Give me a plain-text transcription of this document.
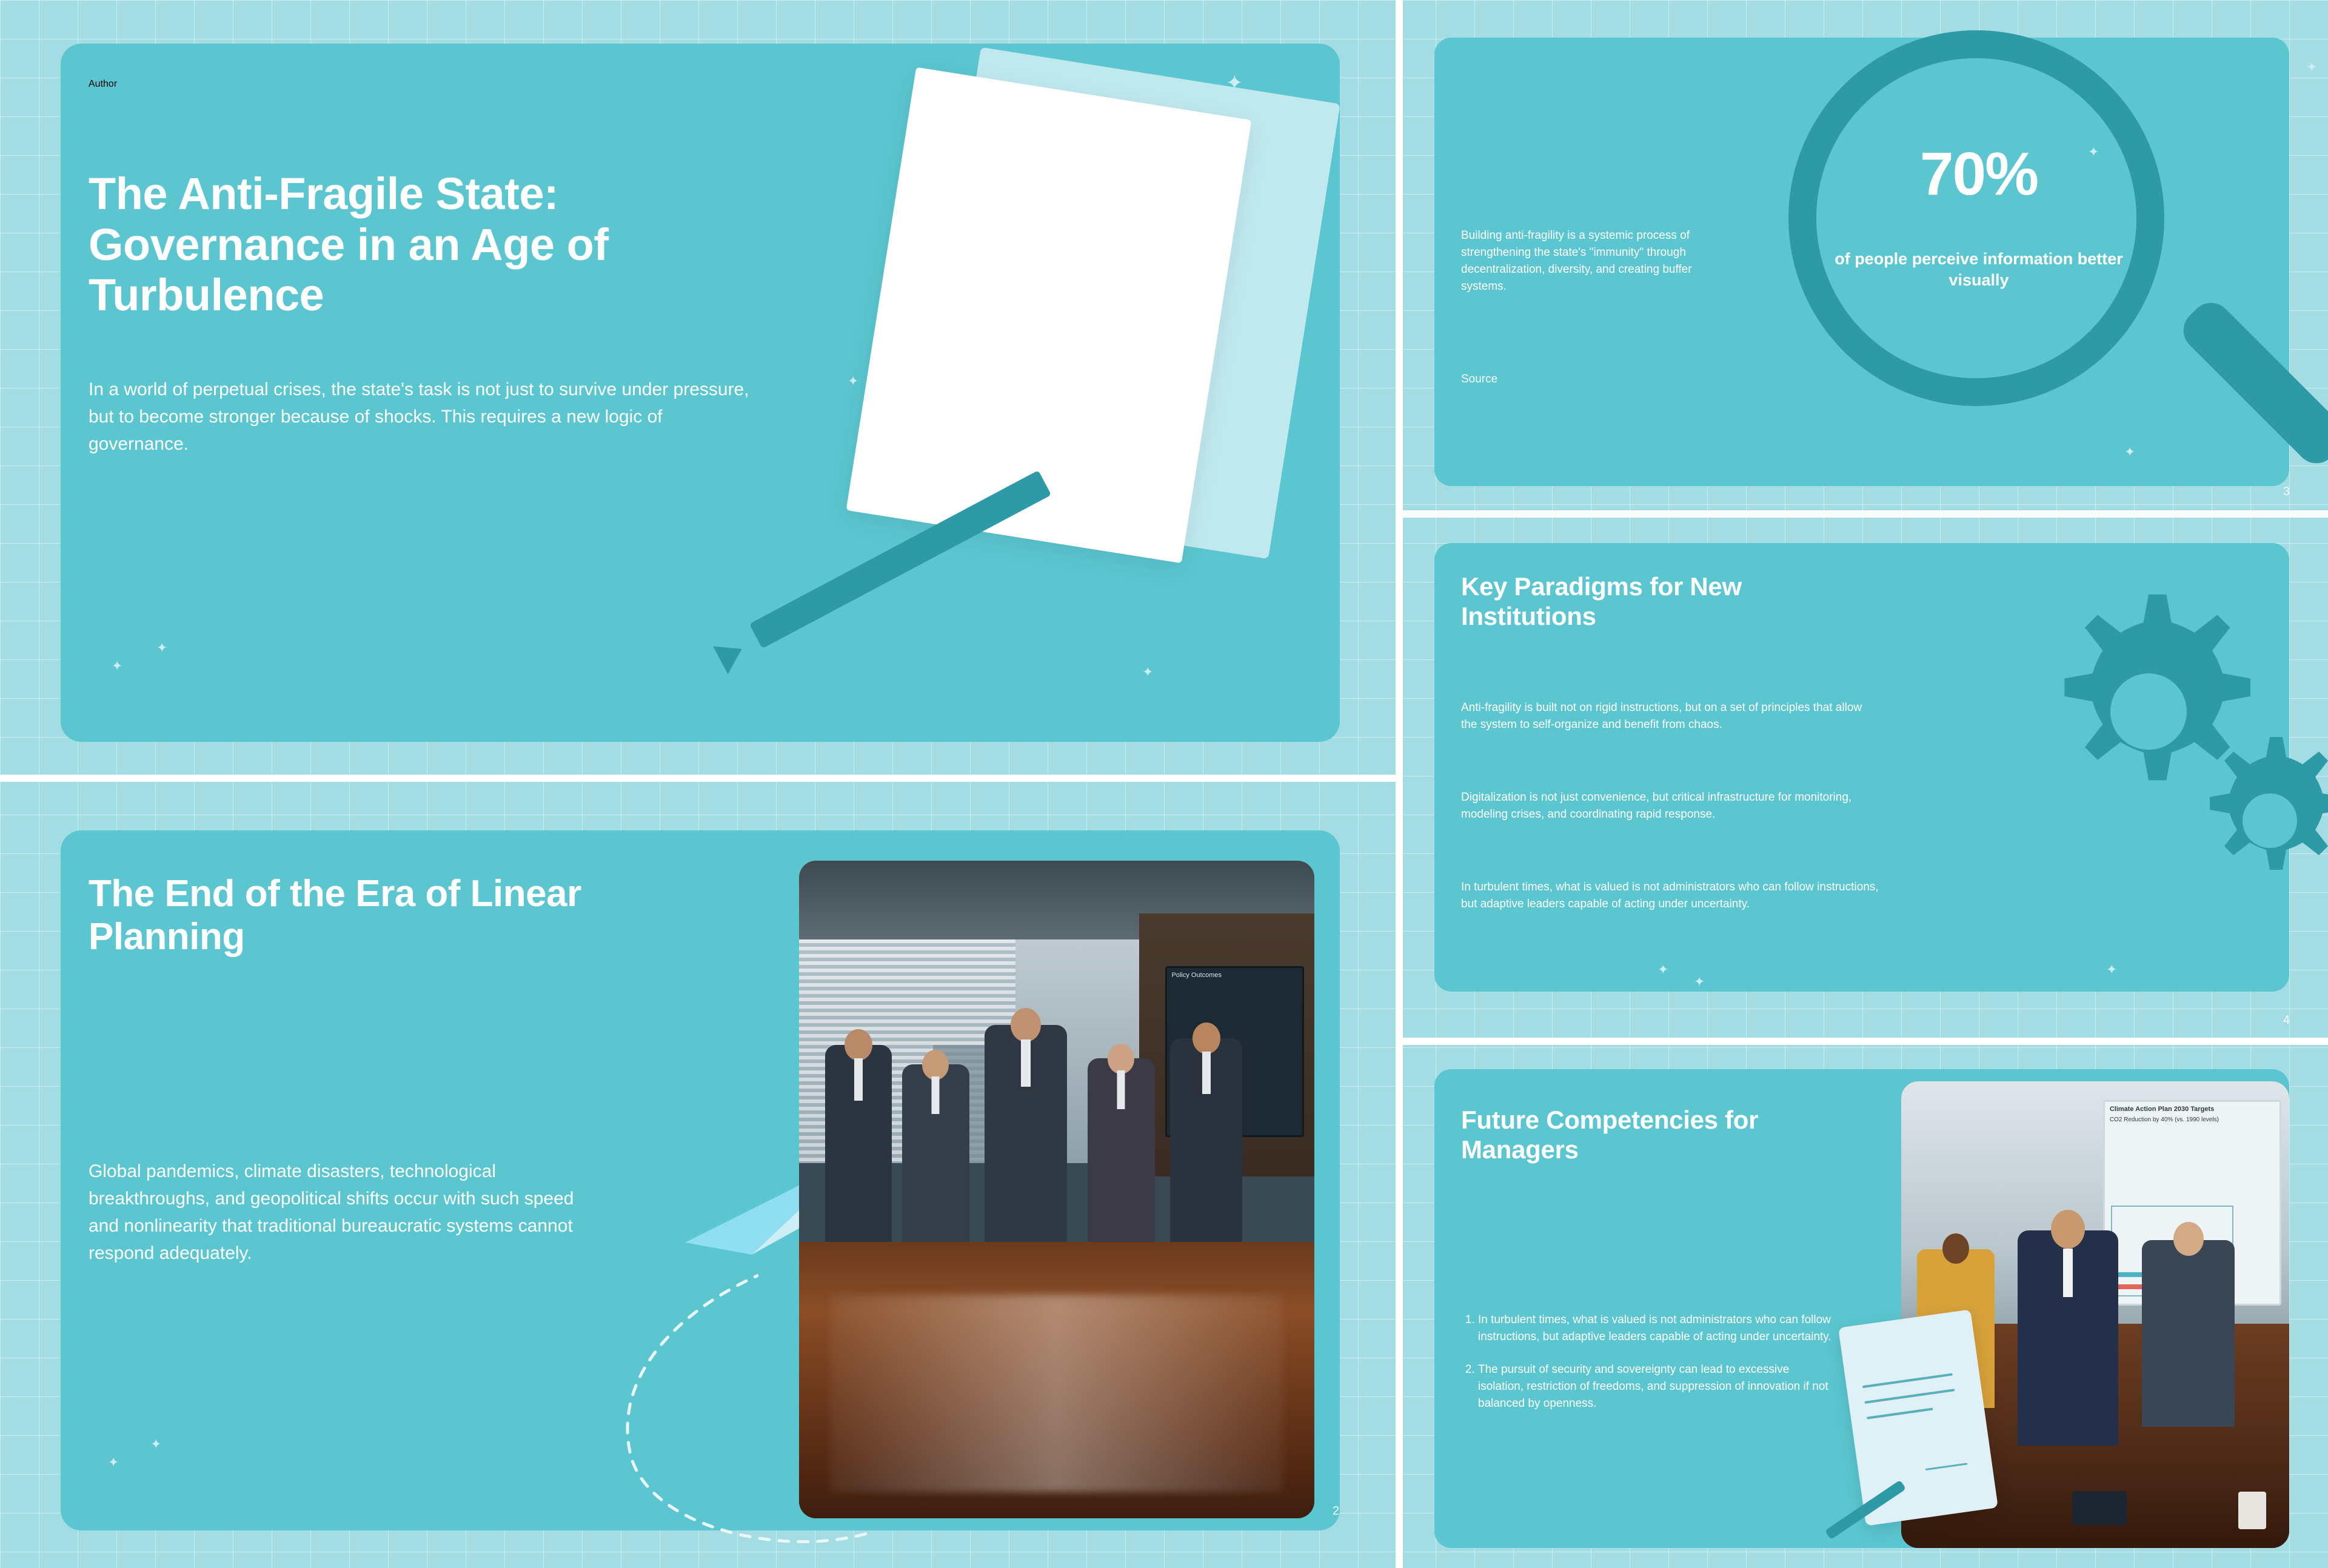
✦
✦
✦
✦
✦
Author
The Anti-Fragile State: Governance in an Age of Turbulence

In a world of perpetual crises, the state's task is not just to survive under pressure, but to become stronger because of shocks. This requires a new logic of governance.

The End of the Era of Linear Planning

Global pandemics, climate disasters, technological breakthroughs, and geopolitical shifts occur with such speed and nonlinearity that traditional bureaucratic systems cannot respond adequately.

✦
✦
Policy Outcomes
2
✦
✦
✦

Building anti-fragility is a systemic process of strengthening the state's "immunity" through decentralization, diversity, and creating buffer systems.

Source
70%
of people perceive information better visually
3
Key Paradigms for New Institutions

Anti-fragility is built not on rigid instructions, but on a set of principles that allow the system to self-organize and benefit from chaos.

Digitalization is not just convenience, but critical infrastructure for monitoring, modeling crises, and coordinating rapid response.

In turbulent times, what is valued is not administrators who can follow instructions, but adaptive leaders capable of acting under uncertainty.

✦
✦
✦
4
Future Competencies for Managers
1. In turbulent times, what is valued is not administrators who can follow instructions, but adaptive leaders capable of acting under uncertainty.
2. The pursuit of security and sovereignty can lead to excessive isolation, restriction of freedoms, and suppression of innovation if not balanced by openness.
Climate Action Plan 2030 Targets
CO2 Reduction by 40% (vs. 1990 levels)
